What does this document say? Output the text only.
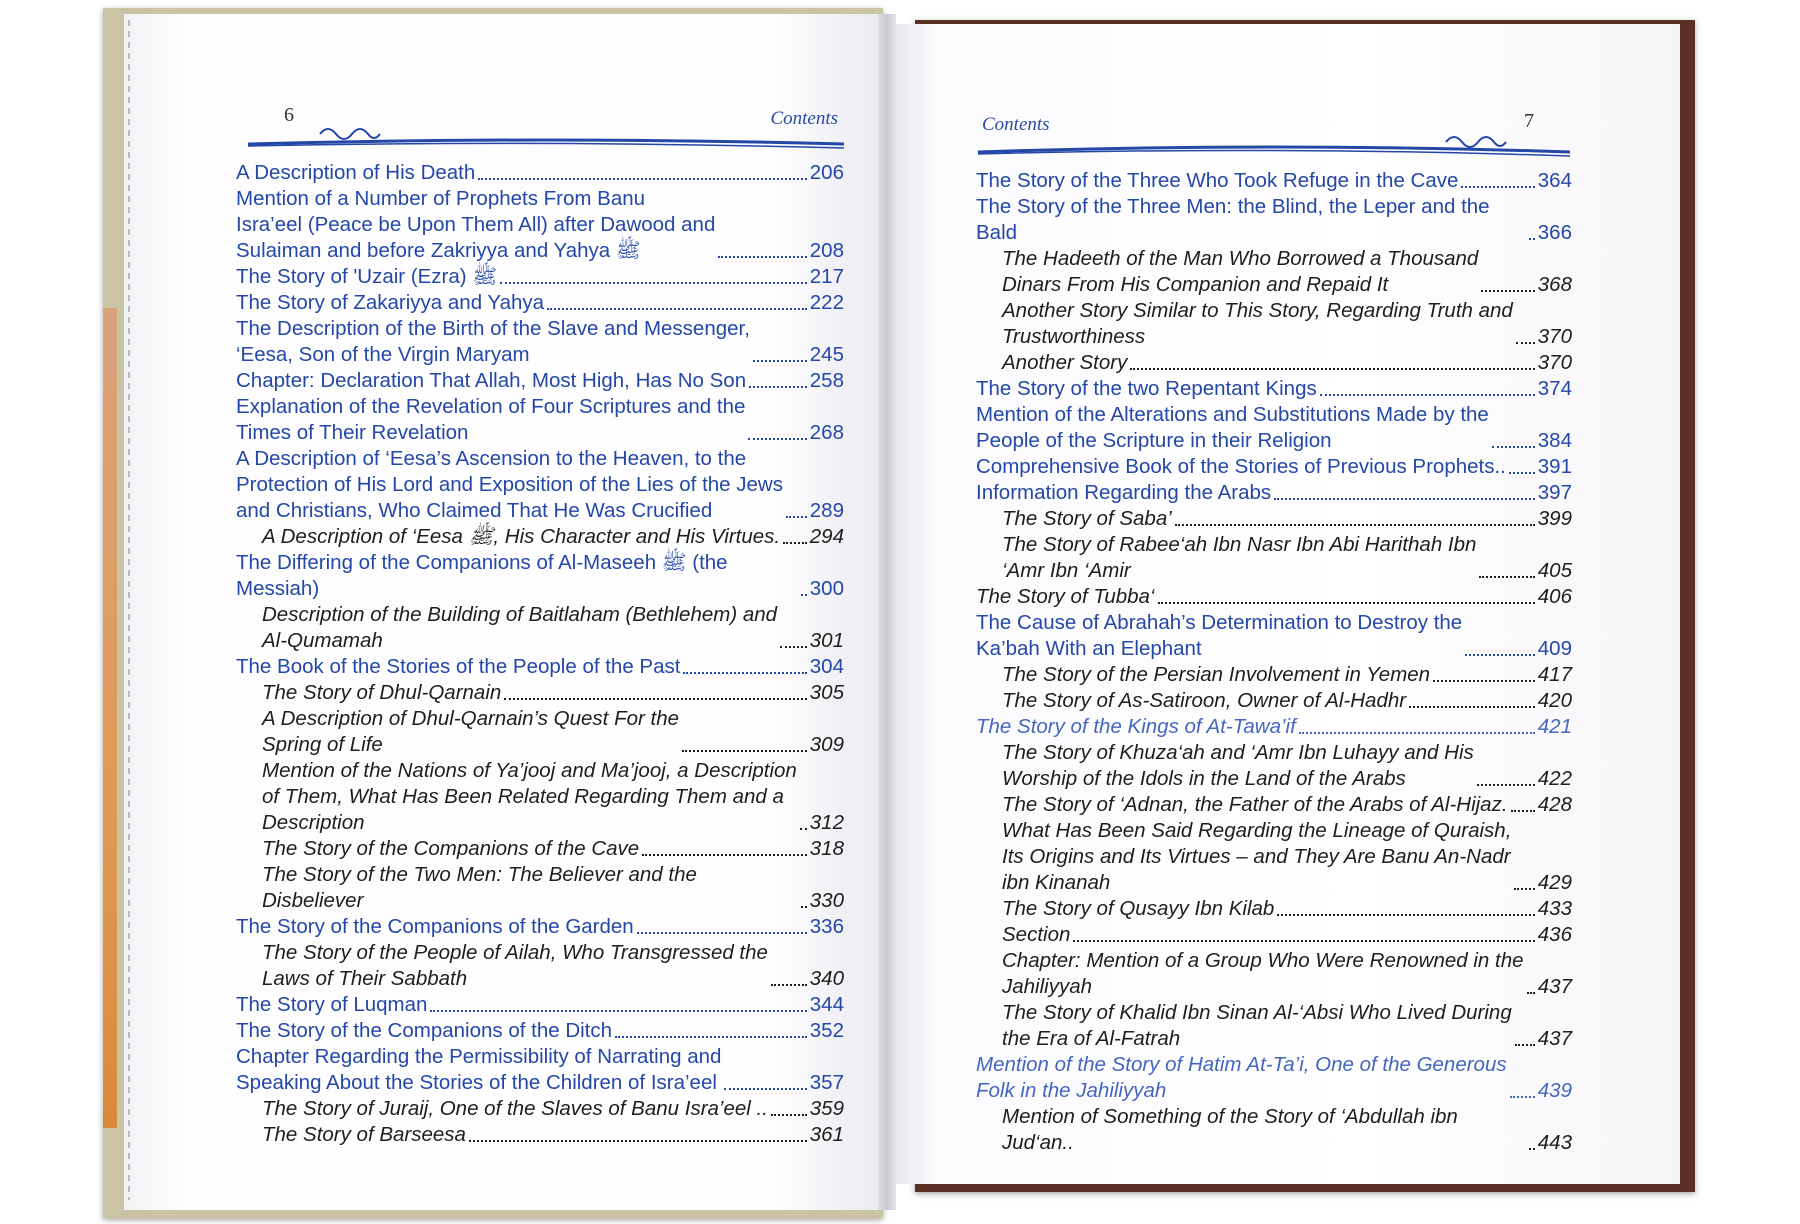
6	Contents
A Description of His Death	206
Mention of a Number of Prophets From Banu
Isra’eel (Peace be Upon Them All) after Dawood and
Sulaiman and before Zakriyya and Yahya ﷺ	208
The Story of 'Uzair (Ezra) ﷺ	217
The Story of Zakariyya and Yahya	222
The Description of the Birth of the Slave and Messenger,
‘Eesa, Son of the Virgin Maryam	245
Chapter: Declaration That Allah, Most High, Has No Son	258
Explanation of the Revelation of Four Scriptures and the
Times of Their Revelation	268
A Description of ‘Eesa’s Ascension to the Heaven, to the
Protection of His Lord and Exposition of the Lies of the Jews
and Christians, Who Claimed That He Was Crucified	289
A Description of ‘Eesa ﷺ, His Character and His Virtues. 294
The Differing of the Companions of Al-Maseeh ﷺ (the Messiah)	300
Description of the Building of Baitlaham (Bethlehem) and
Al-Qumamah	301
The Book of the Stories of the People of the Past	304
The Story of Dhul-Qarnain	305
A Description of Dhul-Qarnain’s Quest For the
Spring of Life	309
Mention of the Nations of Ya’jooj and Ma’jooj, a Description
of Them, What Has Been Related Regarding Them and a
Description	312
The Story of the Companions of the Cave	318
The Story of the Two Men: The Believer and the Disbeliever	330
The Story of the Companions of the Garden	336
The Story of the People of Ailah, Who Transgressed the
Laws of Their Sabbath	340
The Story of Luqman	344
The Story of the Companions of the Ditch	352
Chapter Regarding the Permissibility of Narrating and
Speaking About the Stories of the Children of Isra’eel	357
The Story of Juraij, One of the Slaves of Banu Isra’eel .. 359
The Story of Barseesa	361
Contents	7
The Story of the Three Who Took Refuge in the Cave	364
The Story of the Three Men: the Blind, the Leper and the Bald	366
The Hadeeth of the Man Who Borrowed a Thousand
Dinars From His Companion and Repaid It	368
Another Story Similar to This Story, Regarding Truth and
Trustworthiness	370
Another Story	370
The Story of the two Repentant Kings	374
Mention of the Alterations and Substitutions Made by the
People of the Scripture in their Religion	384
Comprehensive Book of the Stories of Previous Prophets.. 391
Information Regarding the Arabs	397
The Story of Saba’	399
The Story of Rabee‘ah Ibn Nasr Ibn Abi Harithah Ibn
‘Amr Ibn ‘Amir	405
The Story of Tubba‘	406
The Cause of Abrahah’s Determination to Destroy the
Ka’bah With an Elephant	409
The Story of the Persian Involvement in Yemen	417
The Story of As-Satiroon, Owner of Al-Hadhr	420
The Story of the Kings of At-Tawa’if	421
The Story of Khuza‘ah and ‘Amr Ibn Luhayy and His
Worship of the Idols in the Land of the Arabs	422
The Story of ‘Adnan, the Father of the Arabs of Al-Hijaz. 428
What Has Been Said Regarding the Lineage of Quraish,
Its Origins and Its Virtues – and They Are Banu An-Nadr
ibn Kinanah	429
The Story of Qusayy Ibn Kilab	433
Section	436
Chapter: Mention of a Group Who Were Renowned in the
Jahiliyyah	437
The Story of Khalid Ibn Sinan Al-‘Absi Who Lived During
the Era of Al-Fatrah	437
Mention of the Story of Hatim At-Ta’i, One of the Generous
Folk in the Jahiliyyah	439
Mention of Something of the Story of ‘Abdullah ibn Jud‘an..	443
